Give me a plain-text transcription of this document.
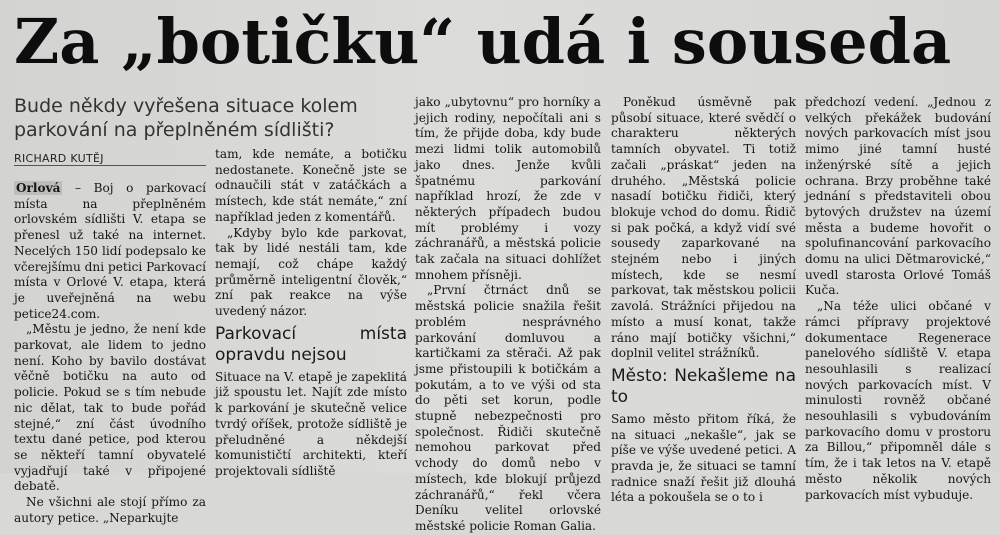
Za „botičku“ udá i souseda
Bude někdy vyřešena situace kolem parkování na přeplněném sídlišti?
RICHARD KUTĚJ

Orlová – Boj o parkovací místa na přeplněném orlovském sídlišti V. etapa se přenesl už také na internet. Necelých 150 lidí podepsalo ke včerejšímu dni petici Parkovací místa v Orlové V. etapa, která je uveřejněná na webu petice24.com.

„Městu je jedno, že není kde parkovat, ale lidem to jedno není. Koho by bavilo dostávat věčně botičku na auto od policie. Pokud se s tím nebude nic dělat, tak to bude pořád stejné,“ zní část úvodního textu dané petice, pod kterou se někteří tamní obyvatelé vyjadřují také v připojené debatě.

Ne všichni ale stojí přímo za autory petice. „Neparkujte

tam, kde nemáte, a botičku nedostanete. Konečně jste se odnaučili stát v zatáčkách a místech, kde stát nemáte,“ zní například jeden z komentářů.

„Kdyby bylo kde parkovat, tak by lidé nestáli tam, kde nemají, což chápe každý průměrně inteligentní člověk,“ zní pak reakce na výše uvedený názor.

Parkovací místa opravdu nejsou

Situace na V. etapě je zapeklitá již spoustu let. Najít zde místo k parkování je skutečně velice tvrdý oříšek, protože sídliště je přeludněné a někdejší komunističtí architekti, kteří projektovali sídliště

jako „ubytovnu“ pro horníky a jejich rodiny, nepočítali ani s tím, že přijde doba, kdy bude mezi lidmi tolik automobilů jako dnes. Jenže kvůli špatnému parkování například hrozí, že zde v některých případech budou mít problémy i vozy záchranářů, a městská policie tak začala na situaci dohlížet mnohem přísněji.

„První čtrnáct dnů se městská policie snažila řešit problém nesprávného parkování domluvou a kartičkami za stěrači. Až pak jsme přistoupili k botičkám a pokutám, a to ve výši od sta do pěti set korun, podle stupně nebezpečnosti pro společnost. Řidiči skutečně nemohou parkovat před vchody do domů nebo v místech, kde blokují průjezd záchranářů,“ řekl včera Deníku velitel orlovské městské policie Roman Galia.

Poněkud úsměvně pak působí situace, které svědčí o charakteru některých tamních obyvatel. Ti totiž začali „práskat“ jeden na druhého. „Městská policie nasadí botičku řidiči, který blokuje vchod do domu. Řidič si pak počká, a když vidí své sousedy zaparkované na stejném nebo i jiných místech, kde se nesmí parkovat, tak městskou policii zavolá. Strážníci přijedou na místo a musí konat, takže ráno mají botičky všichni,“ doplnil velitel strážníků.

Město: Nekašleme na to

Samo město přitom říká, že na situaci „nekašle“, jak se píše ve výše uvedené petici. A pravda je, že situaci se tamní radnice snaží řešit již dlouhá léta a pokoušela se o to i

předchozí vedení. „Jednou z velkých překážek budování nových parkovacích míst jsou mimo jiné tamní husté inženýrské sítě a jejich ochrana. Brzy proběhne také jednání s představiteli obou bytových družstev na území města a budeme hovořit o spolufinancování parkovacího domu na ulici Dětmarovické,“ uvedl starosta Orlové Tomáš Kuča.

„Na téže ulici občané v rámci přípravy projektové dokumentace Regenerace panelového sídliště V. etapa nesouhlasili s realizací nových parkovacích míst. V minulosti rovněž občané nesouhlasili s vybudováním parkovacího domu v prostoru za Billou,“ připomněl dále s tím, že i tak letos na V. etapě město několik nových parkovacích míst vybuduje.
